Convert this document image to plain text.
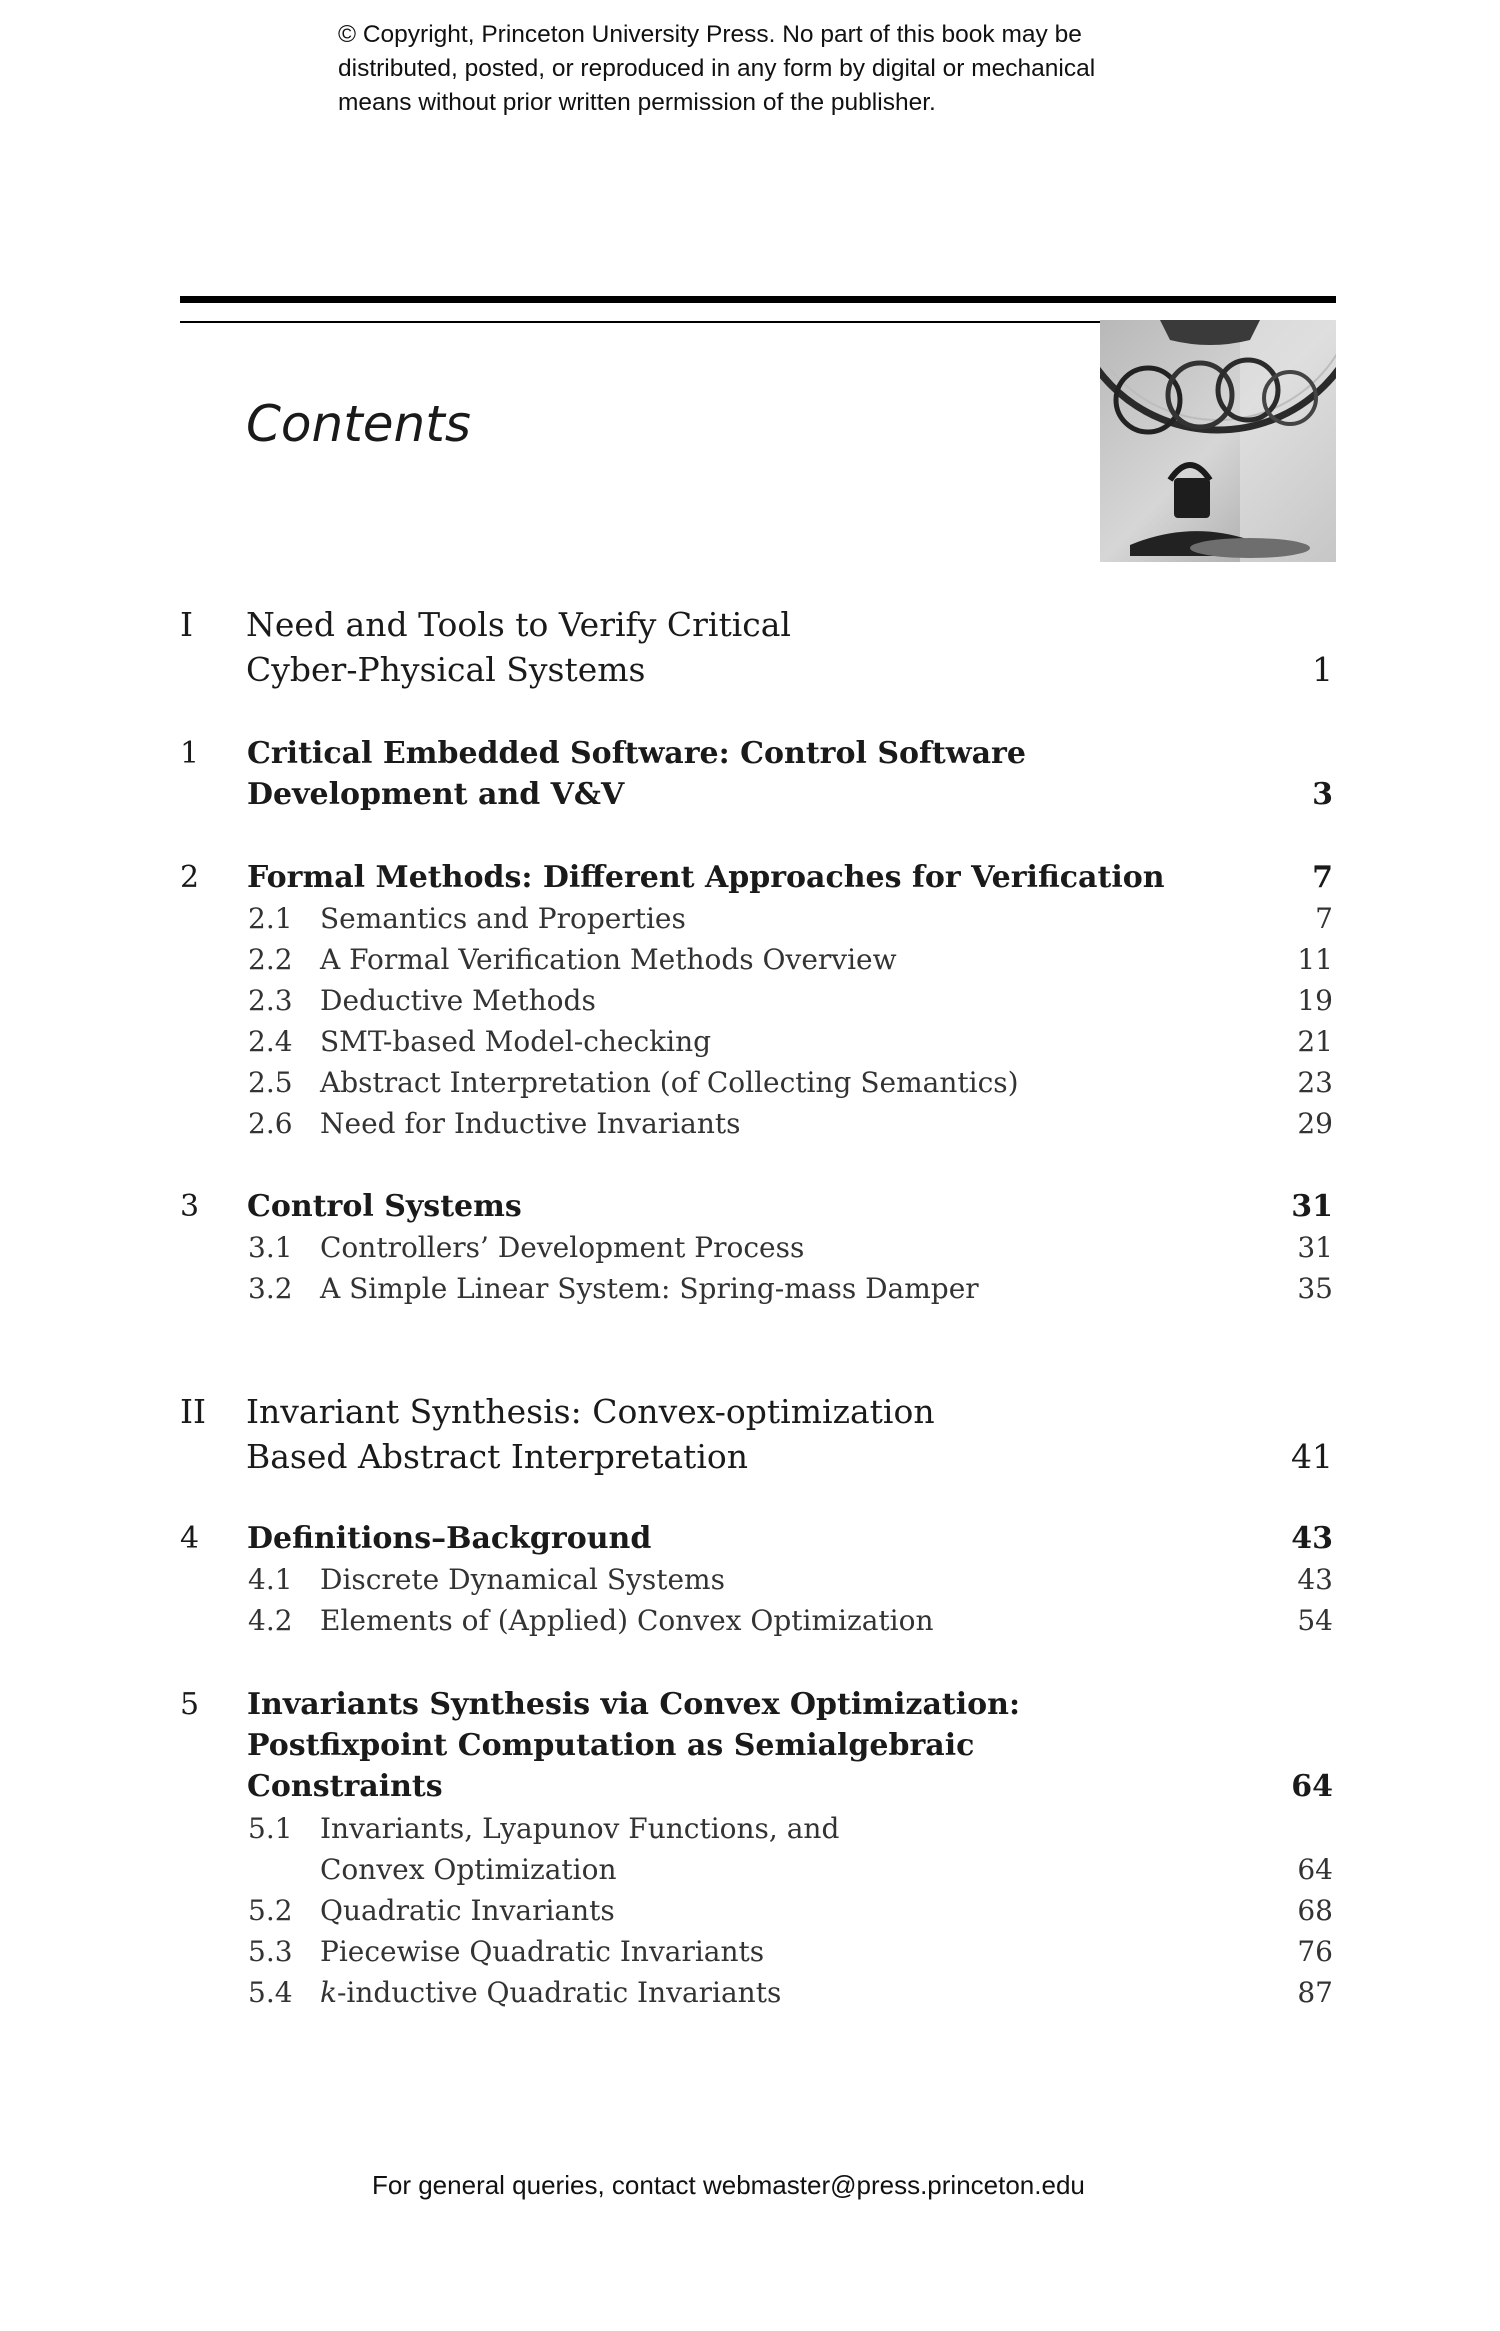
© Copyright, Princeton University Press. No part of this book may be
distributed, posted, or reproduced in any form by digital or mechanical
means without prior written permission of the publisher.
Contents
I Need and Tools to Verify Critical
Cyber-Physical Systems	1
1 Critical Embedded Software: Control Software
Development and V&V	3
2 Formal Methods: Different Approaches for Verification	7
2.1 Semantics and Properties	7
2.2 A Formal Verification Methods Overview	11
2.3 Deductive Methods	19
2.4 SMT-based Model-checking	21
2.5 Abstract Interpretation (of Collecting Semantics)	23
2.6 Need for Inductive Invariants	29
3 Control Systems	31
3.1 Controllers’ Development Process	31
3.2 A Simple Linear System: Spring-mass Damper	35
II Invariant Synthesis: Convex-optimization
Based Abstract Interpretation	41
4 Definitions–Background	43
4.1 Discrete Dynamical Systems	43
4.2 Elements of (Applied) Convex Optimization	54
5 Invariants Synthesis via Convex Optimization:
Postfixpoint Computation as Semialgebraic
Constraints	64
5.1 Invariants, Lyapunov Functions, and
Convex Optimization	64
5.2 Quadratic Invariants	68
5.3 Piecewise Quadratic Invariants	76
5.4 k-inductive Quadratic Invariants	87
For general queries, contact webmaster@press.princeton.edu
